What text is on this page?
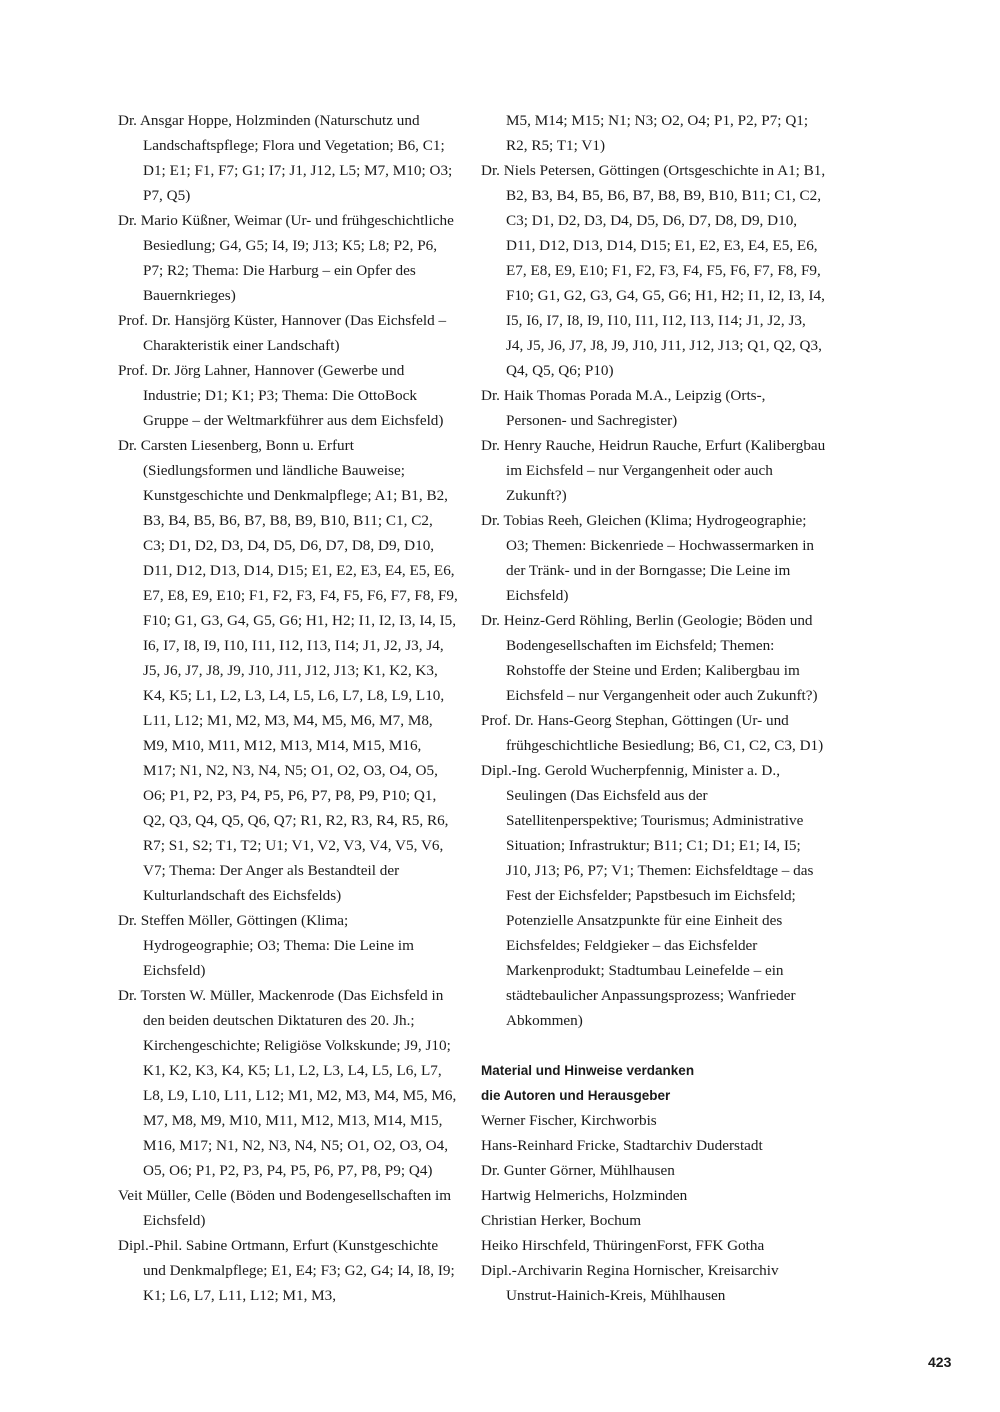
Dr. Ansgar Hoppe, Holzminden (Naturschutz und Landschaftspflege; Flora und Vegetation; B6, C1; D1; E1; F1, F7; G1; I7; J1, J12, L5; M7, M10; O3; P7, Q5)

Dr. Mario Küßner, Weimar (Ur- und frühgeschichtliche Besiedlung; G4, G5; I4, I9; J13; K5; L8; P2, P6, P7; R2; Thema: Die Harburg – ein Opfer des Bauernkrieges)

Prof. Dr. Hansjörg Küster, Hannover (Das Eichsfeld – Charakteristik einer Landschaft)

Prof. Dr. Jörg Lahner, Hannover (Gewerbe und Industrie; D1; K1; P3; Thema: Die OttoBock Gruppe – der Weltmarkführer aus dem Eichsfeld)

Dr. Carsten Liesenberg, Bonn u. Erfurt (Siedlungsformen und ländliche Bauweise; Kunstgeschichte und Denkmalpflege; A1; B1, B2, B3, B4, B5, B6, B7, B8, B9, B10, B11; C1, C2, C3; D1, D2, D3, D4, D5, D6, D7, D8, D9, D10, D11, D12, D13, D14, D15; E1, E2, E3, E4, E5, E6, E7, E8, E9, E10; F1, F2, F3, F4, F5, F6, F7, F8, F9, F10; G1, G3, G4, G5, G6; H1, H2; I1, I2, I3, I4, I5, I6, I7, I8, I9, I10, I11, I12, I13, I14; J1, J2, J3, J4, J5, J6, J7, J8, J9, J10, J11, J12, J13; K1, K2, K3, K4, K5; L1, L2, L3, L4, L5, L6, L7, L8, L9, L10, L11, L12; M1, M2, M3, M4, M5, M6, M7, M8, M9, M10, M11, M12, M13, M14, M15, M16, M17; N1, N2, N3, N4, N5; O1, O2, O3, O4, O5, O6; P1, P2, P3, P4, P5, P6, P7, P8, P9, P10; Q1, Q2, Q3, Q4, Q5, Q6, Q7; R1, R2, R3, R4, R5, R6, R7; S1, S2; T1, T2; U1; V1, V2, V3, V4, V5, V6, V7; Thema: Der Anger als Bestandteil der Kulturlandschaft des Eichsfelds)

Dr. Steffen Möller, Göttingen (Klima; Hydrogeographie; O3; Thema: Die Leine im Eichsfeld)

Dr. Torsten W. Müller, Mackenrode (Das Eichsfeld in den beiden deutschen Diktaturen des 20. Jh.; Kirchengeschichte; Religiöse Volkskunde; J9, J10; K1, K2, K3, K4, K5; L1, L2, L3, L4, L5, L6, L7, L8, L9, L10, L11, L12; M1, M2, M3, M4, M5, M6, M7, M8, M9, M10, M11, M12, M13, M14, M15, M16, M17; N1, N2, N3, N4, N5; O1, O2, O3, O4, O5, O6; P1, P2, P3, P4, P5, P6, P7, P8, P9; Q4)

Veit Müller, Celle (Böden und Bodengesellschaften im Eichsfeld)

Dipl.-Phil. Sabine Ortmann, Erfurt (Kunstgeschichte und Denkmalpflege; E1, E4; F3; G2, G4; I4, I8, I9; K1; L6, L7, L11, L12; M1, M3,

M5, M14; M15; N1; N3; O2, O4; P1, P2, P7; Q1; R2, R5; T1; V1)

Dr. Niels Petersen, Göttingen (Ortsgeschichte in A1; B1, B2, B3, B4, B5, B6, B7, B8, B9, B10, B11; C1, C2, C3; D1, D2, D3, D4, D5, D6, D7, D8, D9, D10, D11, D12, D13, D14, D15; E1, E2, E3, E4, E5, E6, E7, E8, E9, E10; F1, F2, F3, F4, F5, F6, F7, F8, F9, F10; G1, G2, G3, G4, G5, G6; H1, H2; I1, I2, I3, I4, I5, I6, I7, I8, I9, I10, I11, I12, I13, I14; J1, J2, J3, J4, J5, J6, J7, J8, J9, J10, J11, J12, J13; Q1, Q2, Q3, Q4, Q5, Q6; P10)

Dr. Haik Thomas Porada M.A., Leipzig (Orts-, Personen- und Sachregister)

Dr. Henry Rauche, Heidrun Rauche, Erfurt (Kalibergbau im Eichsfeld – nur Vergangenheit oder auch Zukunft?)

Dr. Tobias Reeh, Gleichen (Klima; Hydrogeographie; O3; Themen: Bickenriede – Hochwassermarken in der Tränk- und in der Borngasse; Die Leine im Eichsfeld)

Dr. Heinz-Gerd Röhling, Berlin (Geologie; Böden und Bodengesellschaften im Eichsfeld; Themen: Rohstoffe der Steine und Erden; Kalibergbau im Eichsfeld – nur Vergangenheit oder auch Zukunft?)

Prof. Dr. Hans-Georg Stephan, Göttingen (Ur- und frühgeschichtliche Besiedlung; B6, C1, C2, C3, D1)

Dipl.-Ing. Gerold Wucherpfennig, Minister a. D., Seulingen (Das Eichsfeld aus der Satellitenperspektive; Tourismus; Administrative Situation; Infrastruktur; B11; C1; D1; E1; I4, I5; J10, J13; P6, P7; V1; Themen: Eichsfeldtage – das Fest der Eichsfelder; Papstbesuch im Eichsfeld; Potenzielle Ansatzpunkte für eine Einheit des Eichsfeldes; Feldgieker – das Eichsfelder Markenprodukt; Stadtumbau Leinefelde – ein städtebaulicher Anpassungsprozess; Wanfrieder Abkommen)

Material und Hinweise verdanken

die Autoren und Herausgeber

Werner Fischer, Kirchworbis

Hans-Reinhard Fricke, Stadtarchiv Duderstadt

Dr. Gunter Görner, Mühlhausen

Hartwig Helmerichs, Holzminden

Christian Herker, Bochum

Heiko Hirschfeld, ThüringenForst, FFK Gotha

Dipl.-Archivarin Regina Hornischer, Kreisarchiv Unstrut-Hainich-Kreis, Mühlhausen

423
